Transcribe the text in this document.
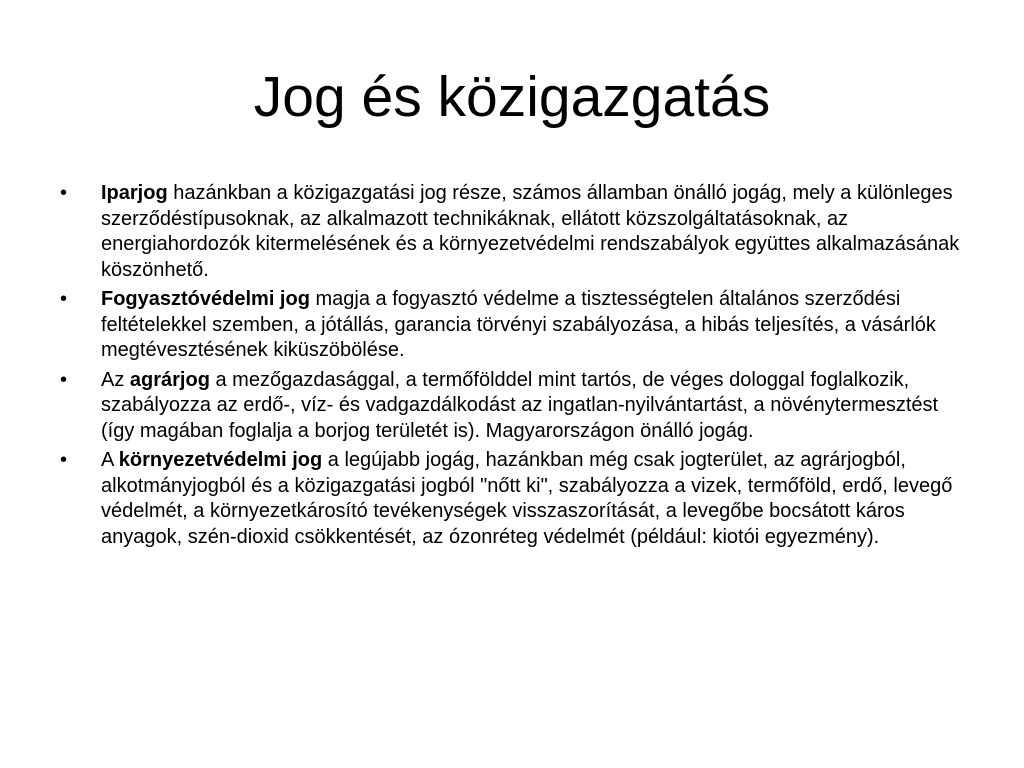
Jog és közigazgatás
•	Iparjog hazánkban a közigazgatási jog része, számos államban önálló jogág, mely a különleges szerződéstípusoknak, az alkalmazott technikáknak, ellátott közszolgáltatásoknak, az energiahordozók kitermelésének és a környezetvédelmi rendszabályok együttes alkalmazásának köszönhető.
•	Fogyasztóvédelmi jog magja a fogyasztó védelme a tisztességtelen általános szerződési feltételekkel szemben, a jótállás, garancia törvényi szabályozása, a hibás teljesítés, a vásárlók megtévesztésének kiküszöbölése.
•	Az agrárjog a mezőgazdasággal, a termőfölddel mint tartós, de véges dologgal foglalkozik, szabályozza az erdő-, víz- és vadgazdálkodást az ingatlan-nyilvántartást, a növénytermesztést (így magában foglalja a borjog területét is). Magyarországon önálló jogág.
•	A környezetvédelmi jog a legújabb jogág, hazánkban még csak jogterület, az agrárjogból, alkotmányjogból és a közigazgatási jogból "nőtt ki", szabályozza a vizek, termőföld, erdő, levegő védelmét, a környezetkárosító tevékenységek visszaszorítását, a levegőbe bocsátott káros anyagok, szén-dioxid csökkentését, az ózonréteg védelmét (például: kiotói egyezmény).
